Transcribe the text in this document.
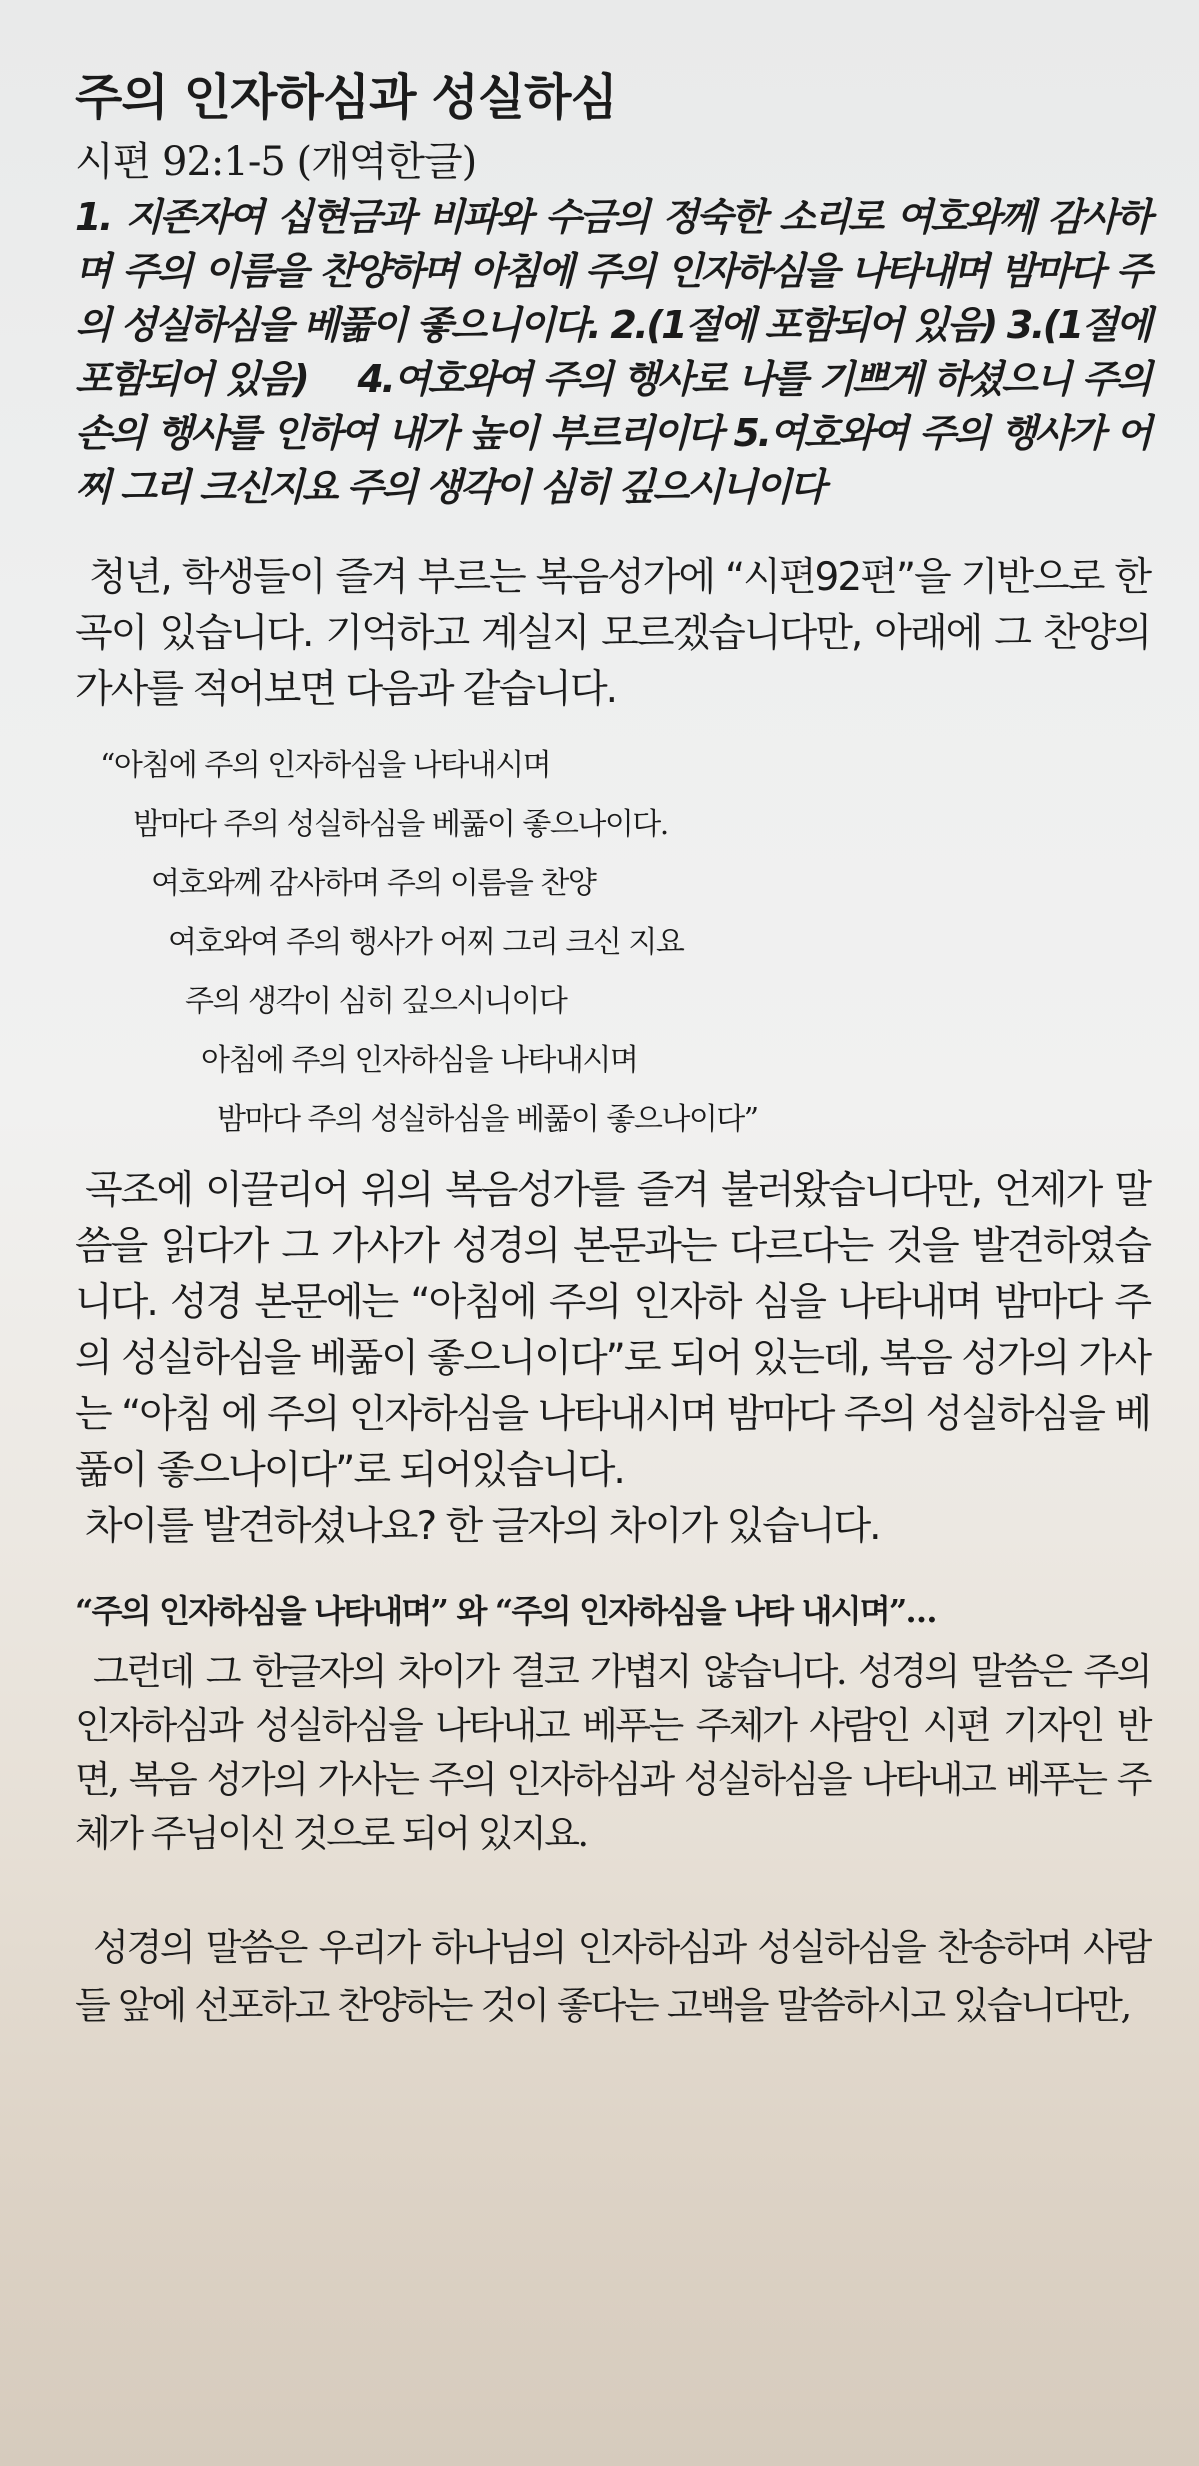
주의 인자하심과 성실하심

시편 92:1-5 (개역한글)

1. 지존자여 십현금과 비파와 수금의 정숙한 소리로 여호와께 감사하며 주의 이름을 찬양하며 아침에 주의 인자하심을 나타내며 밤마다 주의 성실하심을 베풂이 좋으니이다. 2.(1절에 포함되어 있음) 3.(1절에 포함되어 있음)　 4.여호와여 주의 행사로 나를 기쁘게 하셨으니 주의 손의 행사를 인하여 내가 높이 부르리이다 5.여호와여 주의 행사가 어찌 그리 크신지요 주의 생각이 심히 깊으시니이다

청년, 학생들이 즐겨 부르는 복음성가에 “시편92편”을 기반으로 한 곡이 있습니다. 기억하고 계실지 모르겠습니다만, 아래에 그 찬양의 가사를 적어보면 다음과 같습니다.

“아침에 주의 인자하심을 나타내시며
밤마다 주의 성실하심을 베풂이 좋으나이다.
여호와께 감사하며 주의 이름을 찬양
여호와여 주의 행사가 어찌 그리 크신 지요
주의 생각이 심히 깊으시니이다
아침에 주의 인자하심을 나타내시며
밤마다 주의 성실하심을 베풂이 좋으나이다”

곡조에 이끌리어 위의 복음성가를 즐겨 불러왔습니다만, 언제가 말씀을 읽다가 그 가사가 성경의 본문과는 다르다는 것을 발견하였습니다. 성경 본문에는 “아침에 주의 인자하 심을 나타내며 밤마다 주의 성실하심을 베풂이 좋으니이다”로 되어 있는데, 복음 성가의 가사는 “아침 에 주의 인자하심을 나타내시며 밤마다 주의 성실하심을 베풂이 좋으나이다”로 되어있습니다.

차이를 발견하셨나요? 한 글자의 차이가 있습니다.

“주의 인자하심을 나타내며” 와 “주의 인자하심을 나타 내시며”…

그런데 그 한글자의 차이가 결코 가볍지 않습니다. 성경의 말씀은 주의 인자하심과 성실하심을 나타내고 베푸는 주체가 사람인 시편 기자인 반면, 복음 성가의 가사는 주의 인자하심과 성실하심을 나타내고 베푸는 주체가 주님이신 것으로 되어 있지요.

성경의 말씀은 우리가 하나님의 인자하심과 성실하심을 찬송하며 사람들 앞에 선포하고 찬양하는 것이 좋다는 고백을 말씀하시고 있습니다만,
